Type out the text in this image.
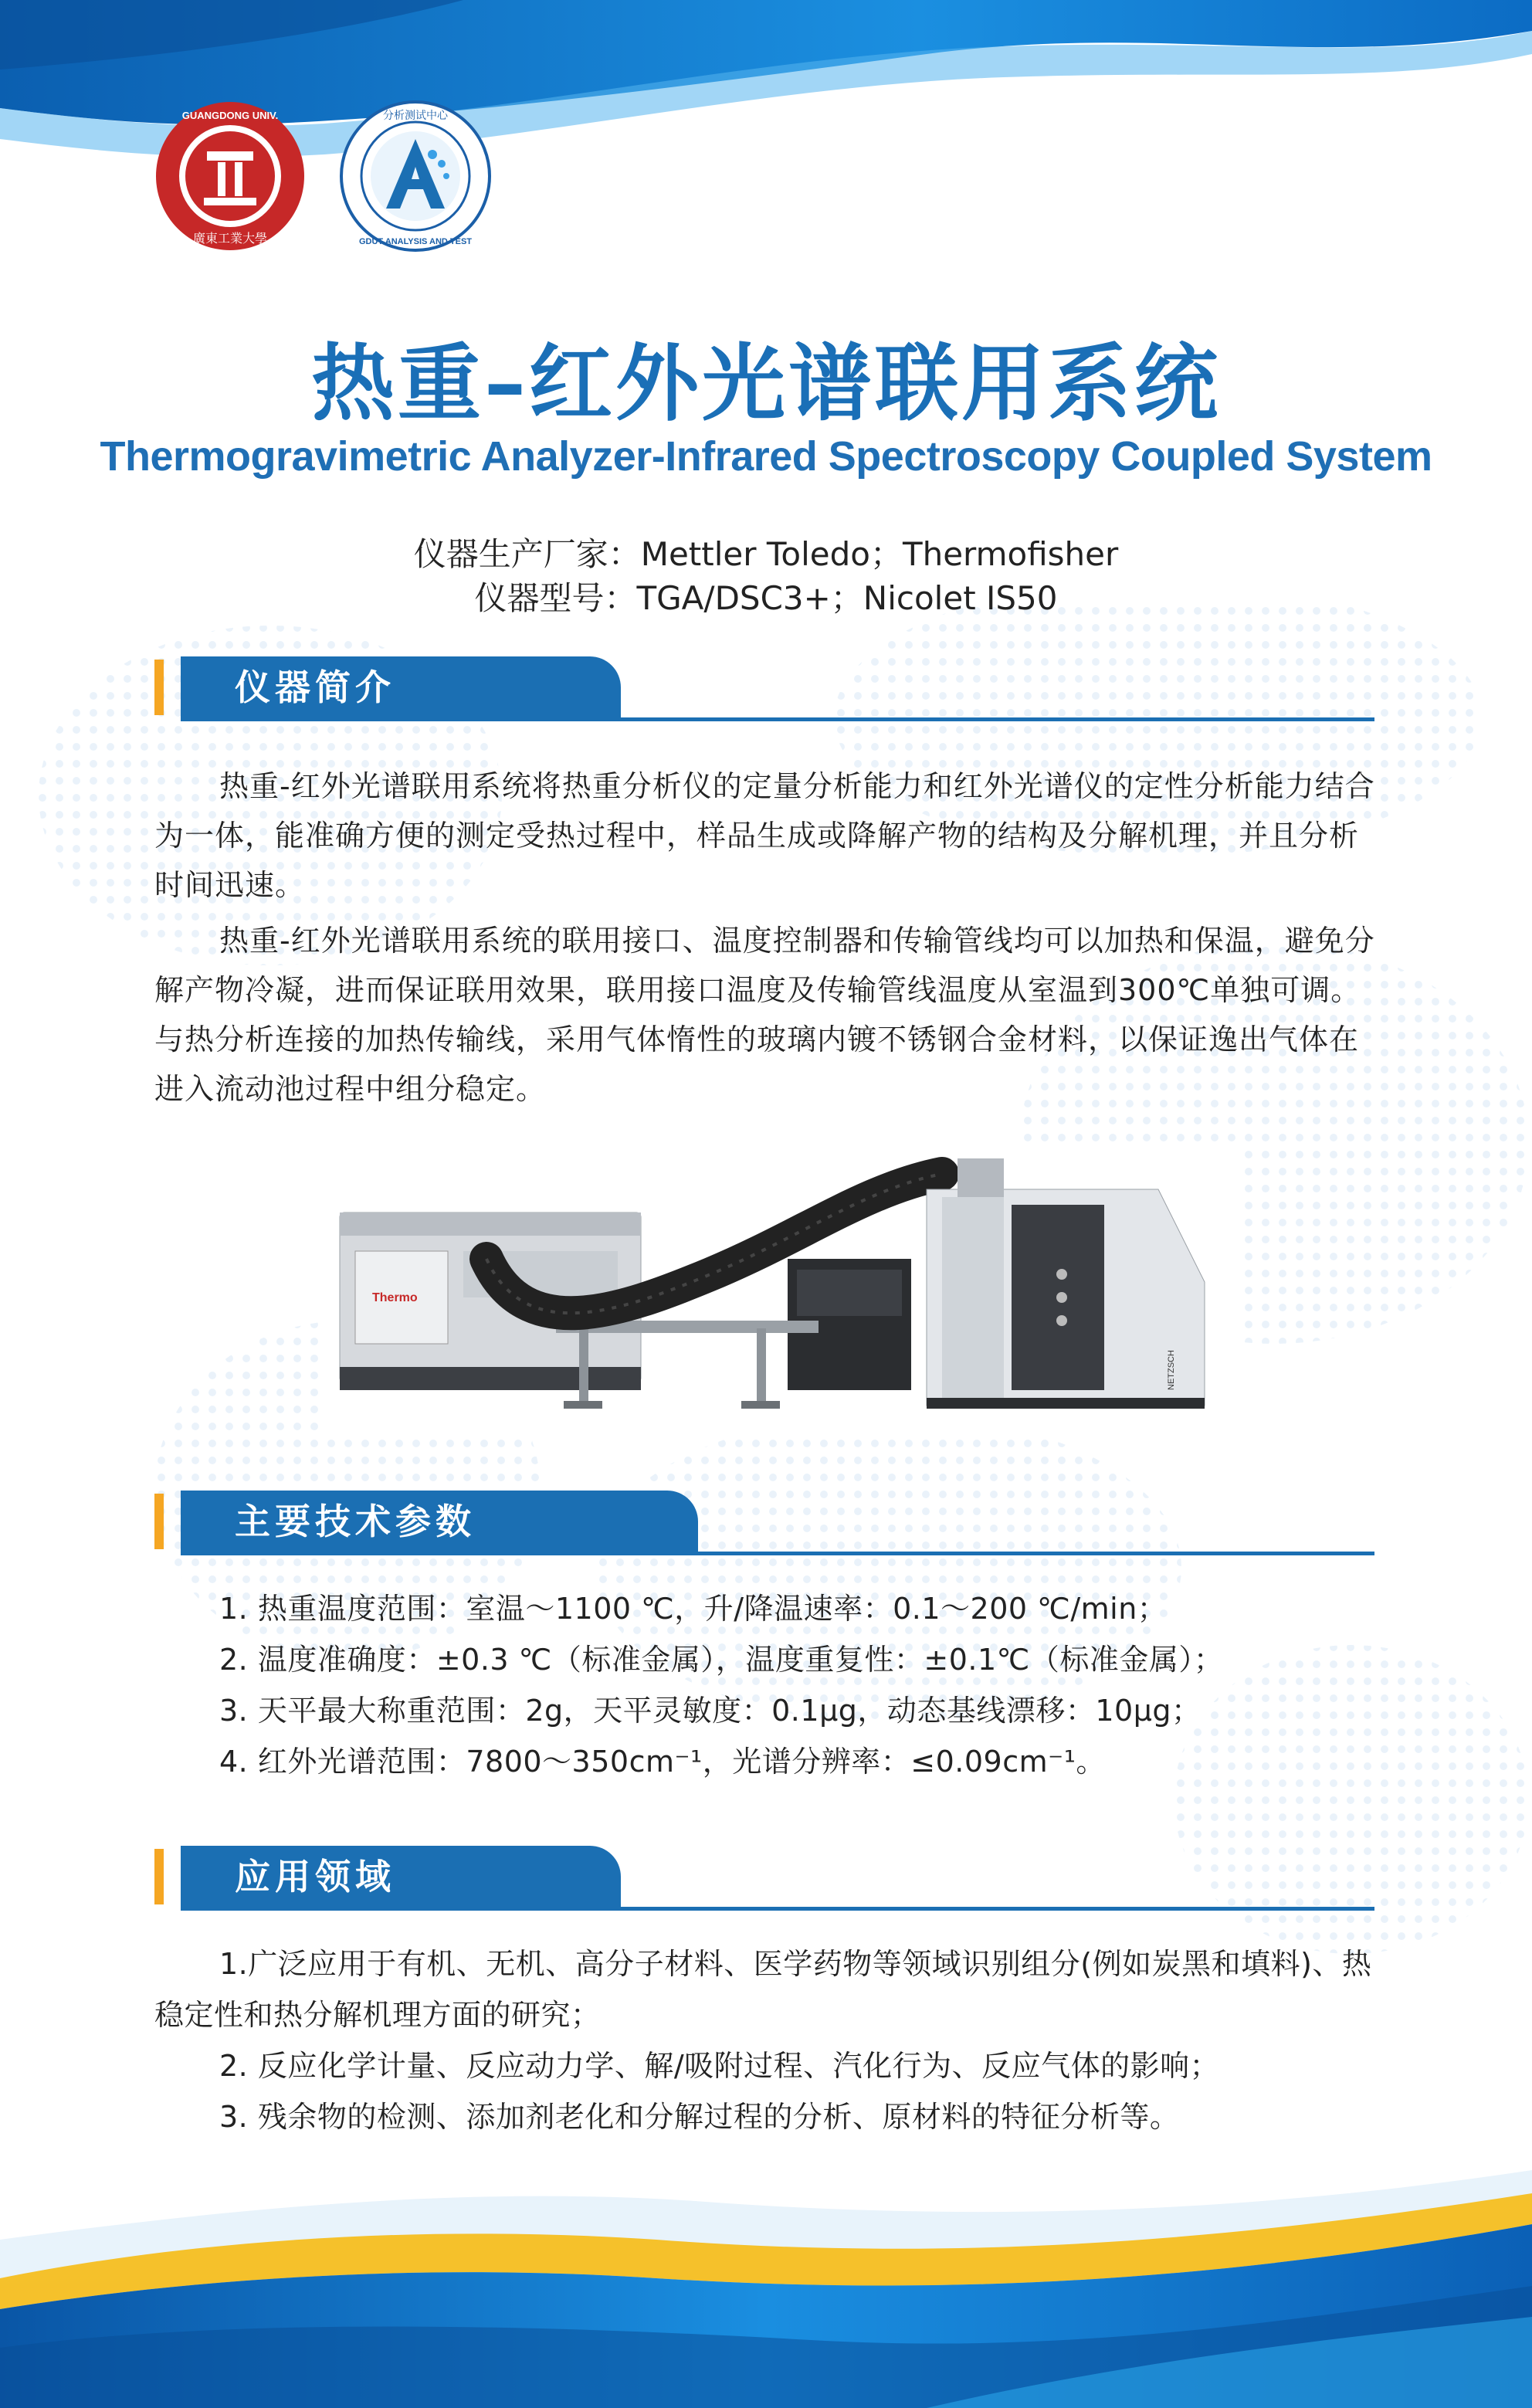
GUANGDONG UNIV.
廣東工業大學
分析测试中心
GDUT ANALYSIS AND TEST
热重–红外光谱联用系统
Thermogravimetric Analyzer-Infrared Spectroscopy Coupled System
仪器生产厂家：Mettler Toledo；Thermofisher
仪器型号：TGA/DSC3+；Nicolet IS50
仪器简介
热重-红外光谱联用系统将热重分析仪的定量分析能力和红外光谱仪的定性分析能力结合为一体，能准确方便的测定受热过程中，样品生成或降解产物的结构及分解机理，并且分析时间迅速。
热重-红外光谱联用系统的联用接口、温度控制器和传输管线均可以加热和保温，避免分解产物冷凝，进而保证联用效果，联用接口温度及传输管线温度从室温到300℃单独可调。与热分析连接的加热传输线，采用气体惰性的玻璃内镀不锈钢合金材料，以保证逸出气体在进入流动池过程中组分稳定。
Thermo
NETZSCH
主要技术参数
1. 热重温度范围：室温～1100 ℃，升/降温速率：0.1～200 ℃/min；
2. 温度准确度：±0.3 ℃（标准金属），温度重复性：±0.1℃（标准金属）；
3. 天平最大称重范围：2g，天平灵敏度：0.1μg，动态基线漂移：10μg；
4. 红外光谱范围：7800～350cm⁻¹，光谱分辨率：≤0.09cm⁻¹。
应用领域
1.广泛应用于有机、无机、高分子材料、医学药物等领域识别组分(例如炭黑和填料)、热稳定性和热分解机理方面的研究；
2. 反应化学计量、反应动力学、解/吸附过程、汽化行为、反应气体的影响；
3. 残余物的检测、添加剂老化和分解过程的分析、原材料的特征分析等。
